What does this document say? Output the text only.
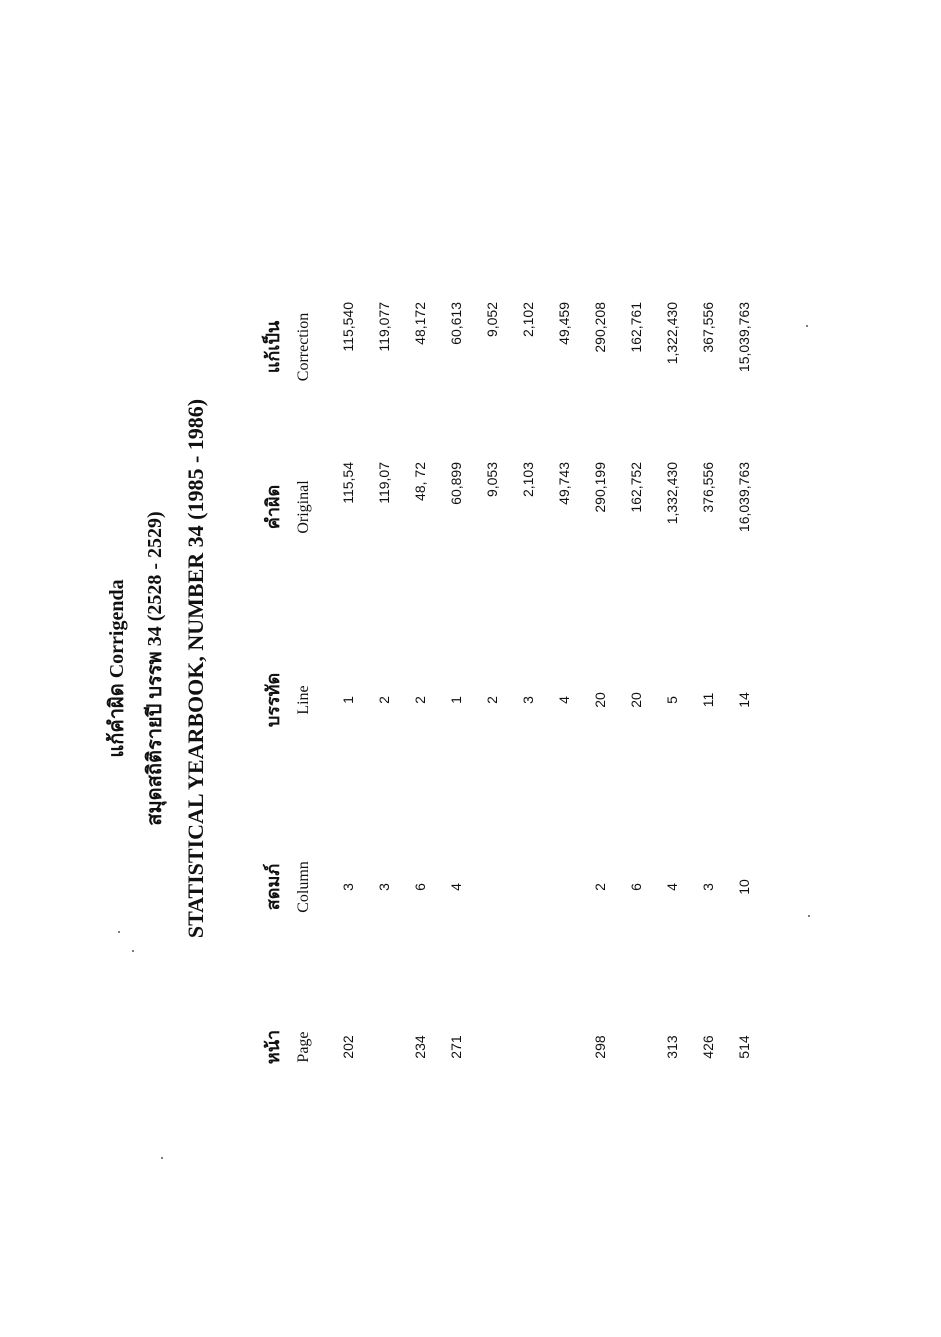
แก้คำผิด Corrigenda สมุดสถิติรายปี บรรพ 34 (2528 - 2529) STATISTICAL YEARBOOK, NUMBER 34 (1985 - 1986)
หน้า Page
สดมภ์ Column
บรรทัด Line
คำผิด Original
แก้เป็น Correction
202
3
1
115,54
115,540
3
2
119,07
119,077
234
6
2
48, 72
48,172
271
4
1
60,899
60,613
2
9,053
9,052
3
2,103
2,102
4
49,743
49,459
298
2
20
290,199
290,208
6
20
162,752
162,761
313
4
5
1,332,430
1,322,430
426
3
11
376,556
367,556
514
10
14
16,039,763
15,039,763
